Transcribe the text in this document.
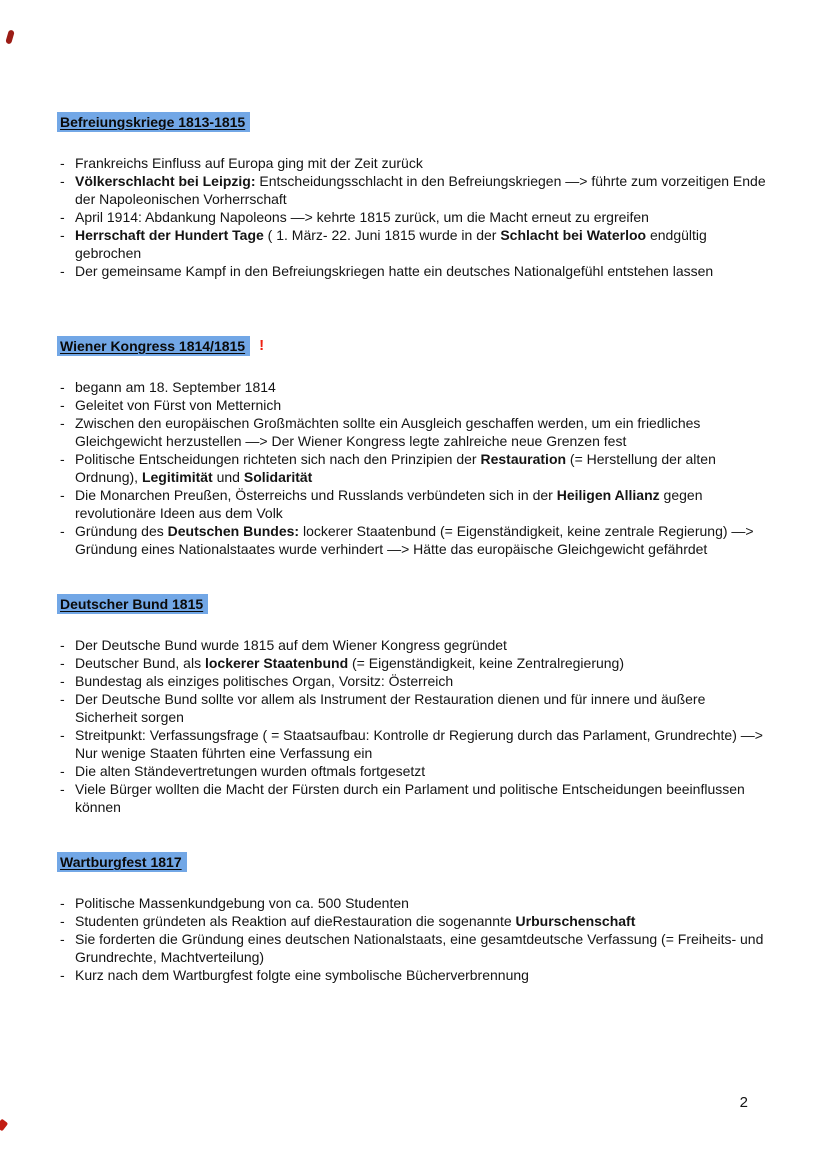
Befreiungskriege 1813-1815
- Frankreichs Einfluss auf Europa ging mit der Zeit zurück
- Völkerschlacht bei Leipzig: Entscheidungsschlacht in den Befreiungskriegen —> führte zum vorzeitigen Ende der Napoleonischen Vorherrschaft
- April 1914: Abdankung Napoleons —> kehrte 1815 zurück, um die Macht erneut zu ergreifen
- Herrschaft der Hundert Tage ( 1. März- 22. Juni 1815 wurde in der Schlacht bei Waterloo endgültig gebrochen
- Der gemeinsame Kampf in den Befreiungskriegen hatte ein deutsches Nationalgefühl entstehen lassen
Wiener Kongress 1814/1815 !
- begann am 18. September 1814
- Geleitet von Fürst von Metternich
- Zwischen den europäischen Großmächten sollte ein Ausgleich geschaffen werden, um ein friedliches Gleichgewicht herzustellen —> Der Wiener Kongress legte zahlreiche neue Grenzen fest
- Politische Entscheidungen richteten sich nach den Prinzipien der Restauration (= Herstellung der alten Ordnung), Legitimität und Solidarität
- Die Monarchen Preußen, Österreichs und Russlands verbündeten sich in der Heiligen Allianz gegen revolutionäre Ideen aus dem Volk
- Gründung des Deutschen Bundes: lockerer Staatenbund (= Eigenständigkeit, keine zentrale Regierung) —> Gründung eines Nationalstaates wurde verhindert —> Hätte das europäische Gleichgewicht gefährdet
Deutscher Bund 1815
- Der Deutsche Bund wurde 1815 auf dem Wiener Kongress gegründet
- Deutscher Bund, als lockerer Staatenbund (= Eigenständigkeit, keine Zentralregierung)
- Bundestag als einziges politisches Organ, Vorsitz: Österreich
- Der Deutsche Bund sollte vor allem als Instrument der Restauration dienen und für innere und äußere Sicherheit sorgen
- Streitpunkt: Verfassungsfrage ( = Staatsaufbau: Kontrolle dr Regierung durch das Parlament, Grundrechte) —> Nur wenige Staaten führten eine Verfassung ein
- Die alten Ständevertretungen wurden oftmals fortgesetzt
- Viele Bürger wollten die Macht der Fürsten durch ein Parlament und politische Entscheidungen beeinflussen können
Wartburgfest 1817
- Politische Massenkundgebung von ca. 500 Studenten
- Studenten gründeten als Reaktion auf dieRestauration die sogenannte Urburschenschaft
- Sie forderten die Gründung eines deutschen Nationalstaats, eine gesamtdeutsche Verfassung (= Freiheits- und Grundrechte, Machtverteilung)
- Kurz nach dem Wartburgfest folgte eine symbolische Bücherverbrennung
2
